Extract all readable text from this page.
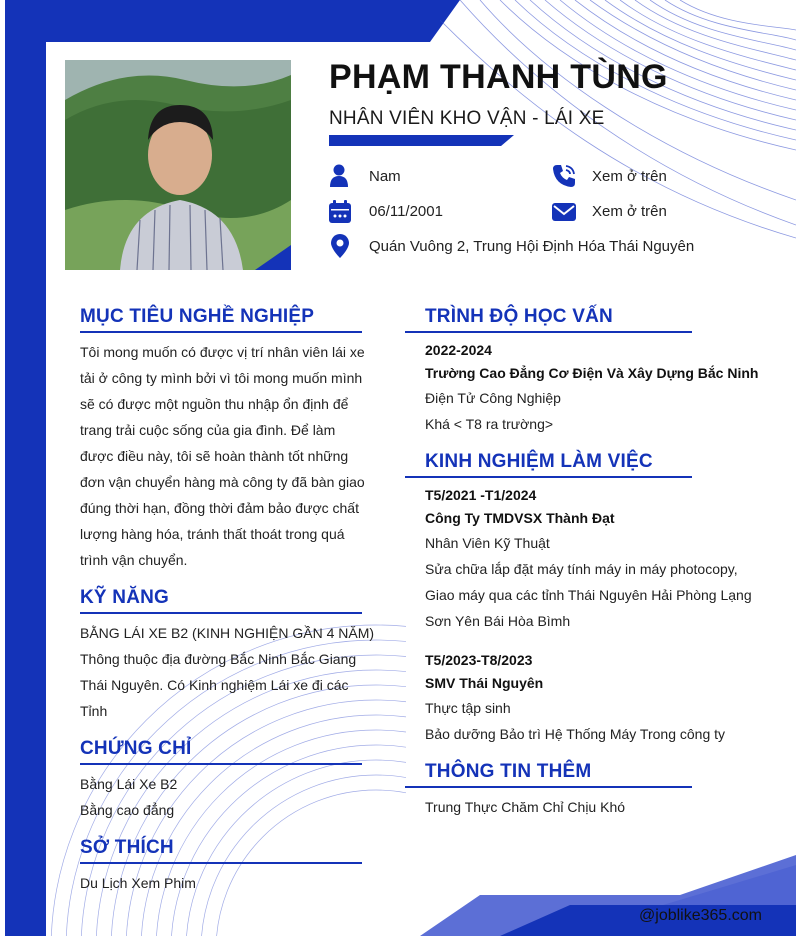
PHẠM THANH TÙNG
NHÂN VIÊN KHO VẬN - LÁI XE
Nam
06/11/2001
Quán Vuông 2, Trung Hội Định Hóa Thái Nguyên
Xem ở trên
Xem ở trên
MỤC TIÊU NGHỀ NGHIỆP
Tôi mong muốn có được vị trí nhân viên lái xe
tải ở công ty mình bởi vì tôi mong muốn mình
sẽ có được một nguồn thu nhập ổn định để
trang trải cuộc sống của gia đình. Để làm
được điều này, tôi sẽ hoàn thành tốt những
đơn vận chuyển hàng mà công ty đã bàn giao
đúng thời hạn, đồng thời đảm bảo được chất
lượng hàng hóa, tránh thất thoát trong quá
trình vận chuyển.
KỸ NĂNG
BẰNG LÁI XE B2 (KINH NGHIỆN GẦN 4 NĂM)
Thông thuộc địa đường Bắc Ninh Bắc Giang
Thái Nguyên. Có Kinh nghiệm Lái xe đi các
Tỉnh
CHỨNG CHỈ
Bằng Lái Xe B2
Bằng cao đẳng
SỞ THÍCH
Du Lịch Xem Phim
TRÌNH ĐỘ HỌC VẤN
2022-2024
Trường Cao Đẳng Cơ Điện Và Xây Dựng Bắc Ninh
Điện Tử Công Nghiệp
Khá < T8 ra trường>
KINH NGHIỆM LÀM VIỆC
T5/2021 -T1/2024
Công Ty TMDVSX Thành Đạt
Nhân Viên Kỹ Thuật
Sửa chữa lắp đặt máy tính máy in máy photocopy,
Giao máy qua các tỉnh Thái Nguyên Hải Phòng Lạng
Sơn Yên Bái Hòa Bìmh
T5/2023-T8/2023
SMV Thái Nguyên
Thực tập sinh
Bảo dưỡng Bảo trì Hệ Thống Máy Trong công ty
THÔNG TIN THÊM
Trung Thực Chăm Chỉ Chịu Khó
@joblike365.com
